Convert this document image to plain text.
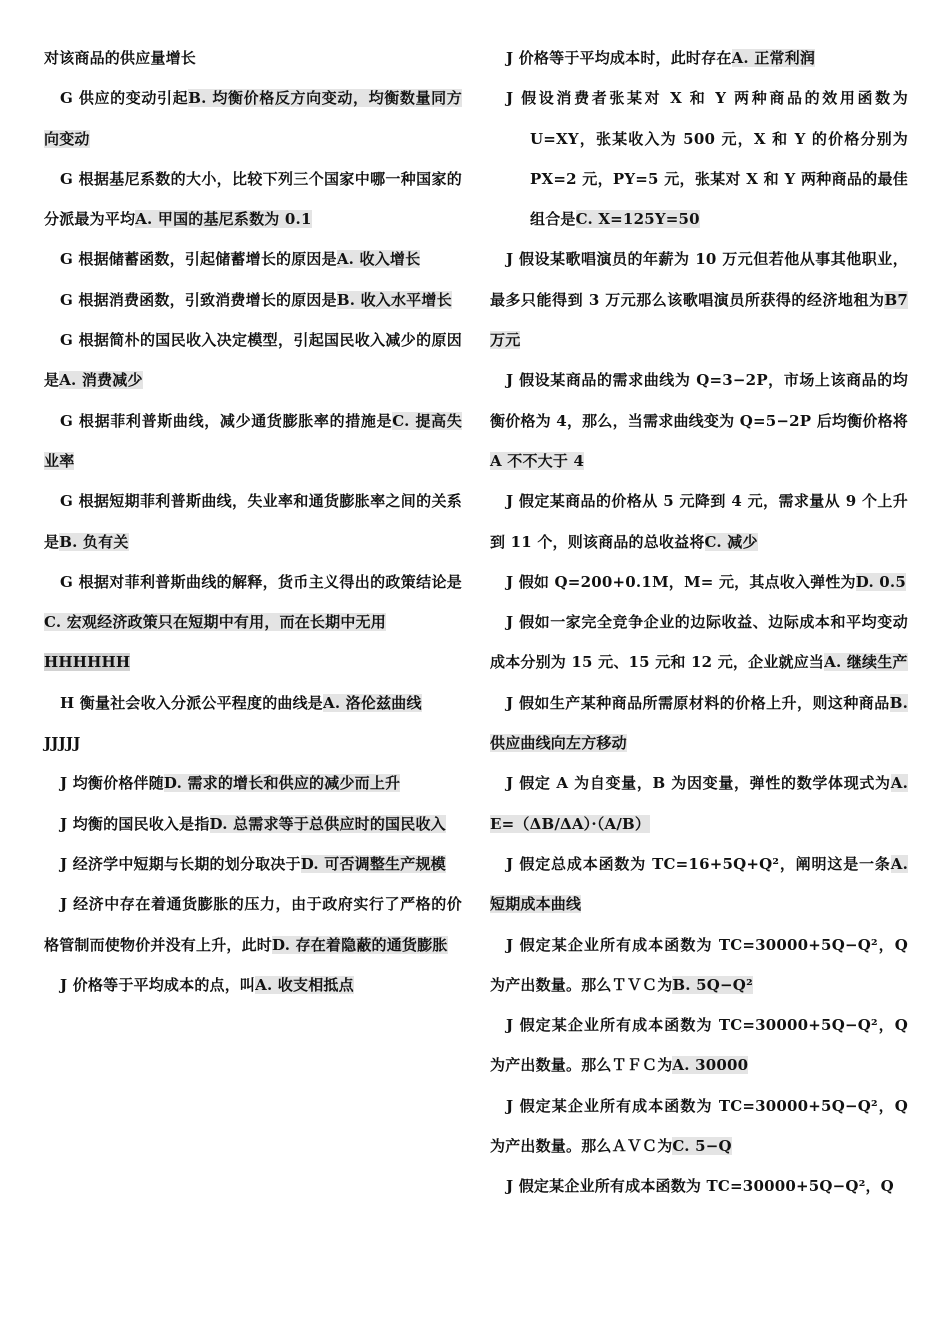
对该商品的供应量增长

G 供应的变动引起B. 均衡价格反方向变动，均衡数量同方向变动

G 根据基尼系数的大小，比较下列三个国家中哪一种国家的分派最为平均A. 甲国的基尼系数为 0.1

G 根据储蓄函数，引起储蓄增长的原因是A. 收入增长

G 根据消费函数，引致消费增长的原因是B. 收入水平增长

G 根据简朴的国民收入决定模型，引起国民收入减少的原因是A. 消费减少

G 根据菲利普斯曲线，减少通货膨胀率的措施是C. 提高失业率

G 根据短期菲利普斯曲线，失业率和通货膨胀率之间的关系是B. 负有关

G 根据对菲利普斯曲线的解释，货币主义得出的政策结论是C. 宏观经济政策只在短期中有用，而在长期中无用

HHHHHH

H 衡量社会收入分派公平程度的曲线是A. 洛伦兹曲线

JJJJJ

J 均衡价格伴随D. 需求的增长和供应的减少而上升

J 均衡的国民收入是指D. 总需求等于总供应时的国民收入

J 经济学中短期与长期的划分取决于D. 可否调整生产规模

J 经济中存在着通货膨胀的压力，由于政府实行了严格的价格管制而使物价并没有上升，此时D. 存在着隐蔽的通货膨胀

J 价格等于平均成本的点，叫A. 收支相抵点

J 价格等于平均成本时，此时存在A. 正常利润

J 假设消费者张某对 X 和 Y 两种商品的效用函数为 U=XY，张某收入为 500 元，X 和 Y 的价格分别为 PX=2 元，PY=5 元，张某对 X 和 Y 两种商品的最佳组合是C. X=125Y=50

J 假设某歌唱演员的年薪为 10 万元但若他从事其他职业，最多只能得到 3 万元那么该歌唱演员所获得的经济地租为B7 万元

J 假设某商品的需求曲线为 Q=3−2P，市场上该商品的均衡价格为 4，那么，当需求曲线变为 Q=5−2P 后均衡价格将A 不不大于 4

J 假定某商品的价格从 5 元降到 4 元，需求量从 9 个上升到 11 个，则该商品的总收益将C. 减少

J 假如 Q=200+0.1M，M= 元，其点收入弹性为D. 0.5

J 假如一家完全竞争企业的边际收益、边际成本和平均变动成本分别为 15 元、15 元和 12 元，企业就应当A. 继续生产

J 假如生产某种商品所需原材料的价格上升，则这种商品B. 供应曲线向左方移动

J 假定 A 为自变量，B 为因变量，弹性的数学体现式为A. E=（ΔB/ΔA）·（A/B）

J 假定总成本函数为 TC=16+5Q+Q²，阐明这是一条A. 短期成本曲线

J 假定某企业所有成本函数为 TC=30000+5Q−Q²，Q 为产出数量。那么ＴＶＣ为B. 5Q−Q²

J 假定某企业所有成本函数为 TC=30000+5Q−Q²，Q 为产出数量。那么ＴＦＣ为A. 30000

J 假定某企业所有成本函数为 TC=30000+5Q−Q²，Q 为产出数量。那么ＡＶＣ为C. 5−Q

J 假定某企业所有成本函数为 TC=30000+5Q−Q²，Q
